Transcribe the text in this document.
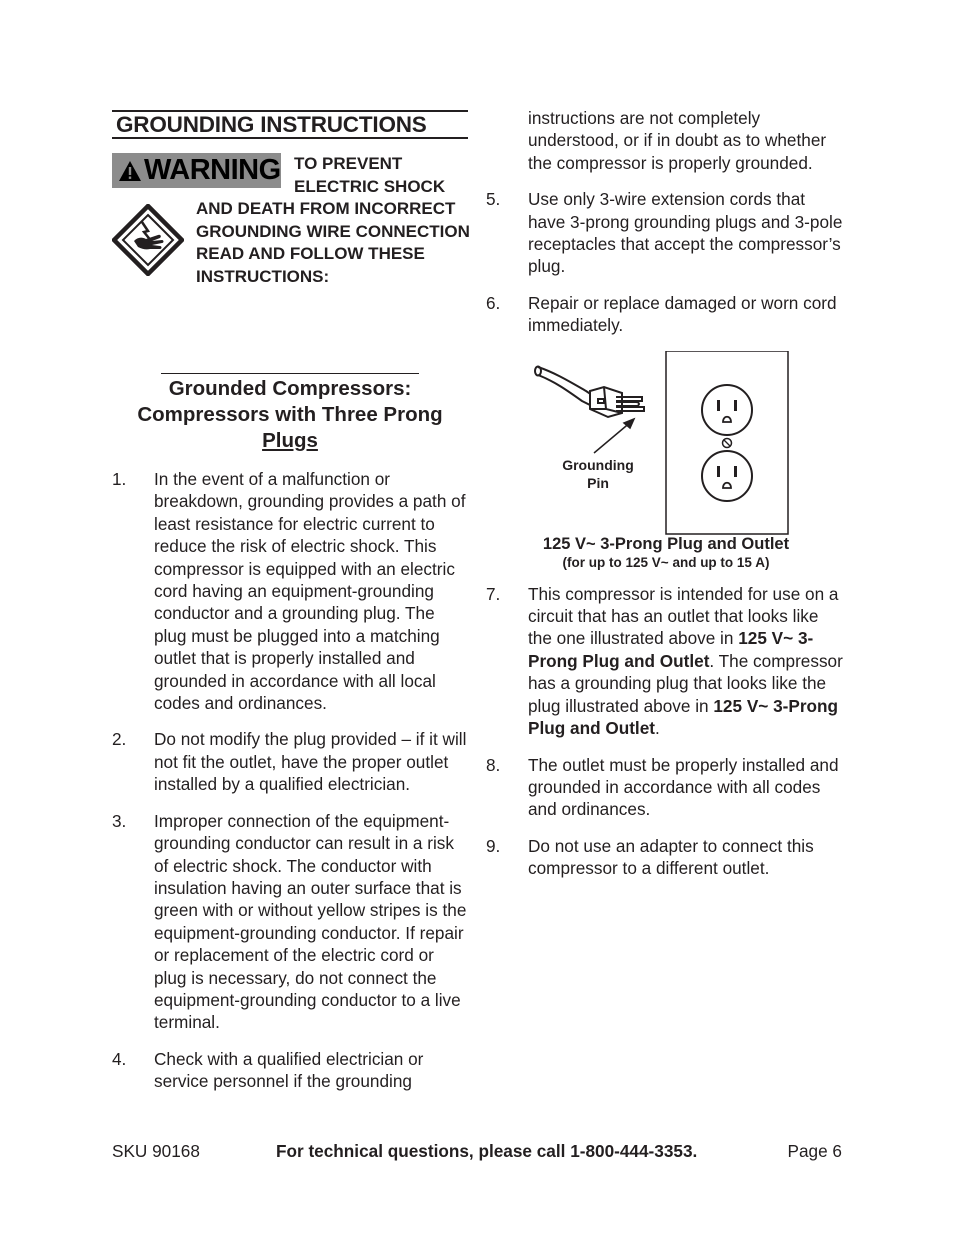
GROUNDING INSTRUCTIONS
WARNING TO PREVENT ELECTRIC SHOCK
AND DEATH FROM INCORRECT GROUNDING WIRE CONNECTION READ AND FOLLOW THESE INSTRUCTIONS:
Grounded Compressors:
Compressors with Three Prong
Plugs
1.	In the event of a malfunction or breakdown, grounding provides a path of least resistance for electric current to reduce the risk of electric shock. This compressor is equipped with an electric cord having an equipment-grounding conductor and a grounding plug. The plug must be plugged into a matching outlet that is properly installed and grounded in accordance with all local codes and ordinances.
2.	Do not modify the plug provided – if it will not fit the outlet, have the proper outlet installed by a qualified electrician.
3.	Improper connection of the equipment-grounding conductor can result in a risk of electric shock. The conductor with insulation having an outer surface that is green with or without yellow stripes is the equipment-grounding conductor. If repair or replacement of the electric cord or plug is necessary, do not connect the equipment-grounding conductor to a live terminal.
4.	Check with a qualified electrician or service personnel if the grounding
instructions are not completely understood, or if in doubt as to whether the compressor is properly grounded.
5.	Use only 3-wire extension cords that have 3-prong grounding plugs and 3-pole receptacles that accept the compressor’s plug.
6.	Repair or replace damaged or worn cord immediately.
Grounding
Pin
125 V~ 3-Prong Plug and Outlet
(for up to 125 V~ and up to 15 A)
7.	This compressor is intended for use on a circuit that has an outlet that looks like the one illustrated above in 125 V~ 3-Prong Plug and Outlet. The compressor has a grounding plug that looks like the plug illustrated above in 125 V~ 3-Prong Plug and Outlet.
8.	The outlet must be properly installed and grounded in accordance with all codes and ordinances.
9.	Do not use an adapter to connect this compressor to a different outlet.
SKU 90168	For technical questions, please call 1-800-444-3353.	Page 6
